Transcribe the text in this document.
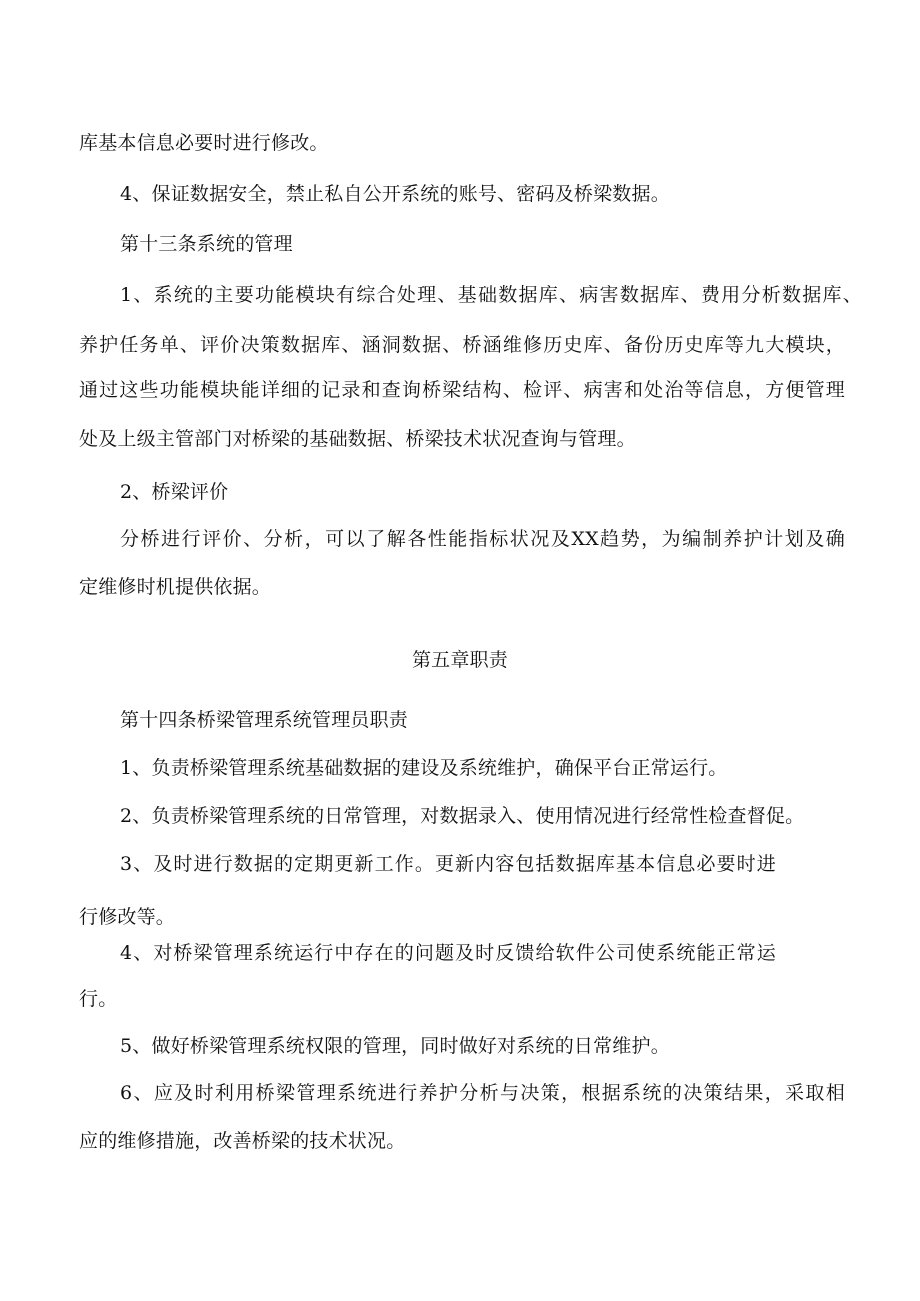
库基本信息必要时进行修改。
4、保证数据安全，禁止私自公开系统的账号、密码及桥梁数据。
第十三条系统的管理
1、系统的主要功能模块有综合处理、基础数据库、病害数据库、费用分析数据库、
养护任务单、评价决策数据库、涵洞数据、桥涵维修历史库、备份历史库等九大模块，
通过这些功能模块能详细的记录和查询桥梁结构、检评、病害和处治等信息，方便管理
处及上级主管部门对桥梁的基础数据、桥梁技术状况查询与管理。
2、桥梁评价
分桥进行评价、分析，可以了解各性能指标状况及XX趋势，为编制养护计划及确
定维修时机提供依据。
第五章职责
第十四条桥梁管理系统管理员职责
1、负责桥梁管理系统基础数据的建设及系统维护，确保平台正常运行。
2、负责桥梁管理系统的日常管理，对数据录入、使用情况进行经常性检查督促。
3、及时进行数据的定期更新工作。更新内容包括数据库基本信息必要时进
行修改等。
4、对桥梁管理系统运行中存在的问题及时反馈给软件公司使系统能正常运
行。
5、做好桥梁管理系统权限的管理，同时做好对系统的日常维护。
6、应及时利用桥梁管理系统进行养护分析与决策，根据系统的决策结果，采取相
应的维修措施，改善桥梁的技术状况。
